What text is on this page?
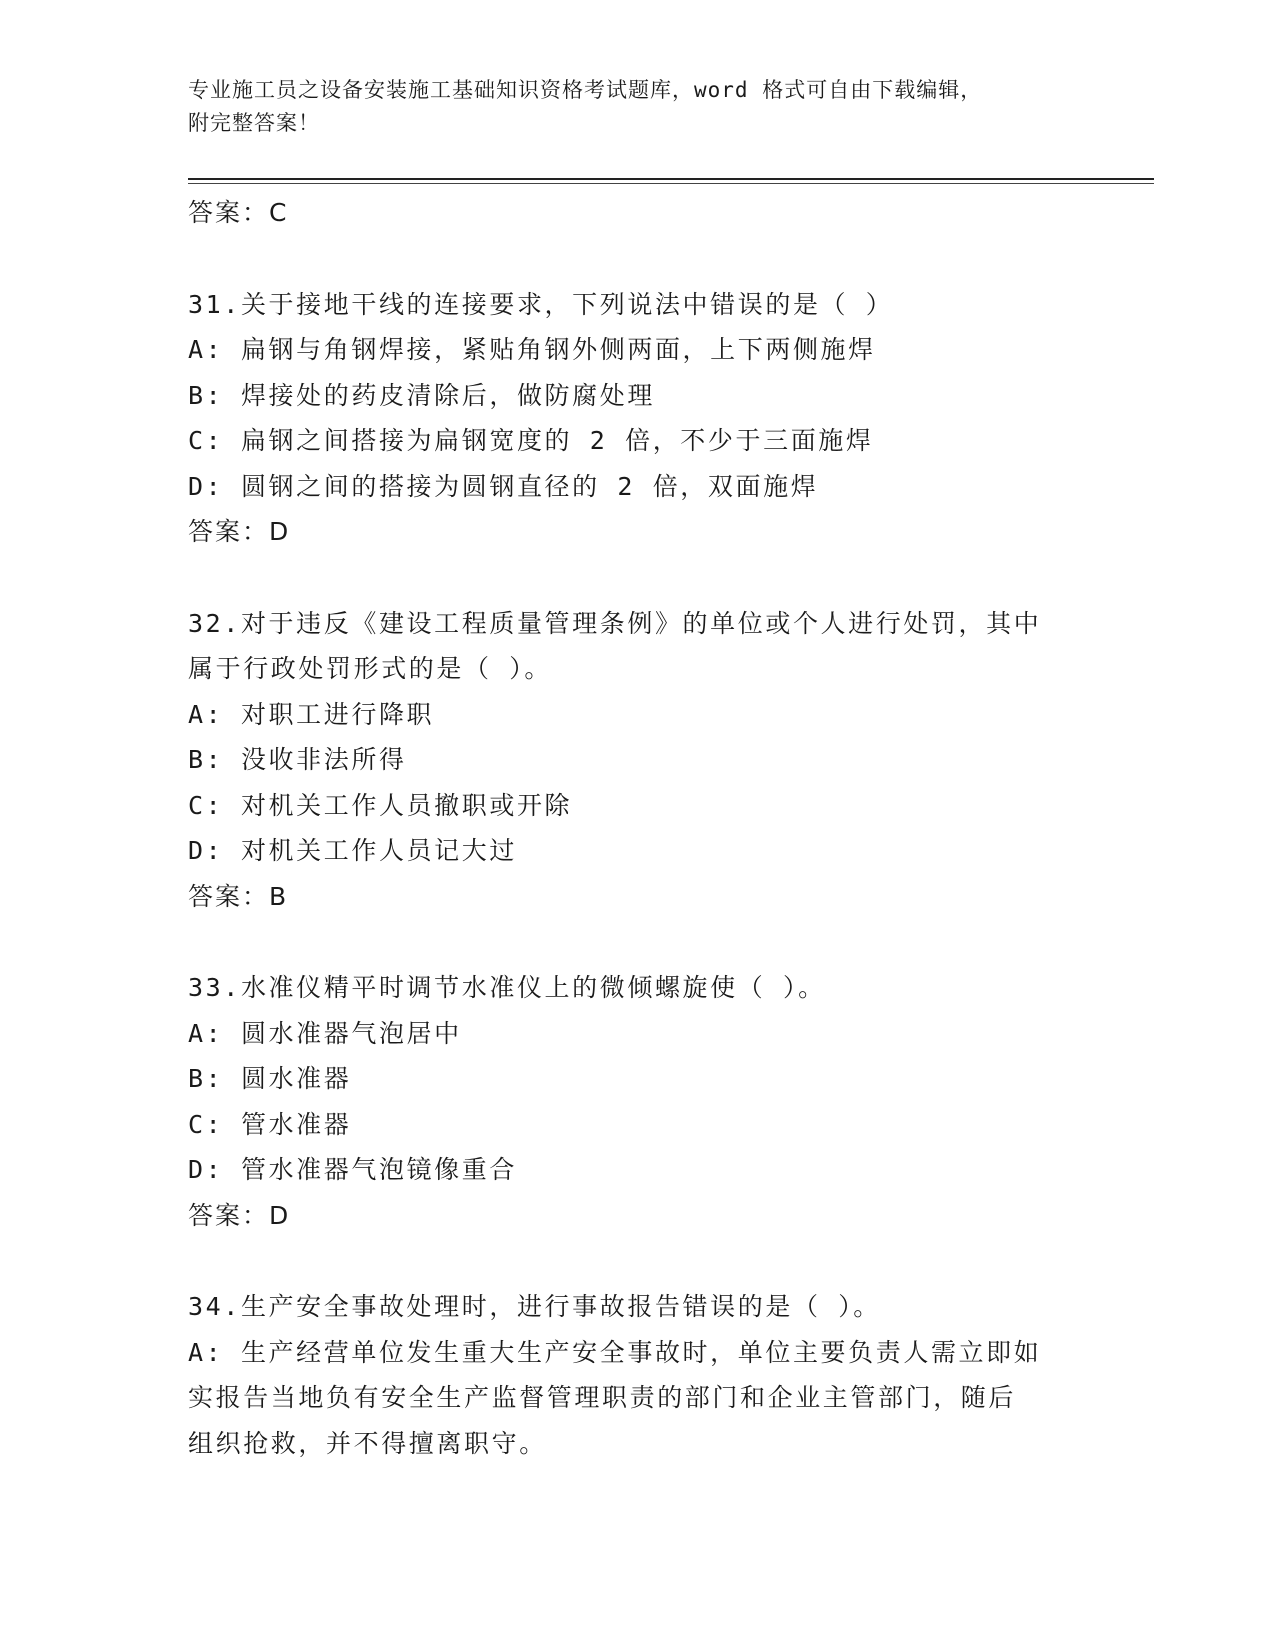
专业施工员之设备安装施工基础知识资格考试题库，word 格式可自由下载编辑，
附完整答案！
答案：C
31.关于接地干线的连接要求，下列说法中错误的是（ ）
A: 扁钢与角钢焊接，紧贴角钢外侧两面，上下两侧施焊
B: 焊接处的药皮清除后，做防腐处理
C: 扁钢之间搭接为扁钢宽度的 2 倍，不少于三面施焊
D: 圆钢之间的搭接为圆钢直径的 2 倍，双面施焊
答案：D
32.对于违反《建设工程质量管理条例》的单位或个人进行处罚，其中
属于行政处罚形式的是（ ）。
A: 对职工进行降职
B: 没收非法所得
C: 对机关工作人员撤职或开除
D: 对机关工作人员记大过
答案：B
33.水准仪精平时调节水准仪上的微倾螺旋使（ ）。
A: 圆水准器气泡居中
B: 圆水准器
C: 管水准器
D: 管水准器气泡镜像重合
答案：D
34.生产安全事故处理时，进行事故报告错误的是（ ）。
A: 生产经营单位发生重大生产安全事故时，单位主要负责人需立即如
实报告当地负有安全生产监督管理职责的部门和企业主管部门，随后
组织抢救，并不得擅离职守。
